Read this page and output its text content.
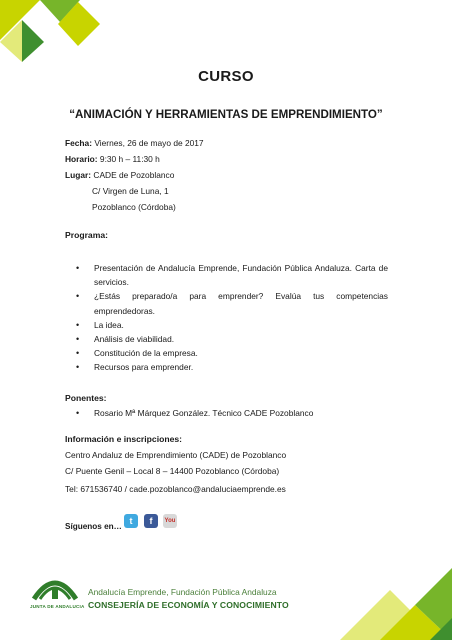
CURSO
“ANIMACIÓN Y HERRAMIENTAS DE EMPRENDIMIENTO”
Fecha: Viernes, 26 de mayo de 2017
Horario: 9:30 h – 11:30 h
Lugar: CADE de Pozoblanco
C/ Virgen de Luna, 1
Pozoblanco (Córdoba)
Programa:
• Presentación de Andalucía Emprende, Fundación Pública Andaluza. Carta de
servicios.
• ¿Estás preparado/a para emprender? Evalúa tus competencias
emprendedoras.
• La idea.
• Análisis de viabilidad.
• Constitución de la empresa.
• Recursos para emprender.
Ponentes:
• Rosario Mª Márquez González. Técnico CADE Pozoblanco
Información e inscripciones:
Centro Andaluz de Emprendimiento (CADE) de Pozoblanco
C/ Puente Genil – Local 8 – 14400 Pozoblanco (Córdoba)
Tel: 671536740 / cade.pozoblanco@andaluciaemprende.es
Síguenos en…
t f You
JUNTA DE ANDALUCIA
Andalucía Emprende, Fundación Pública Andaluza
CONSEJERÍA DE ECONOMÍA Y CONOCIMIENTO
